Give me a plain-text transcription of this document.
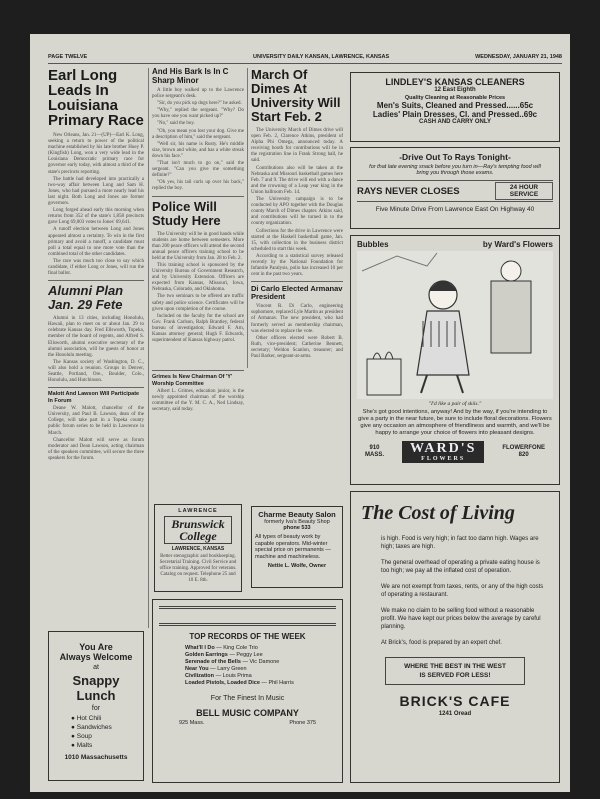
PAGE TWELVE	UNIVERSITY DAILY KANSAN, LAWRENCE, KANSAS	WEDNESDAY, JANUARY 21, 1948
Earl Long Leads In Louisiana Primary Race

New Orleans, Jan. 21—(UP)—Earl K. Long, seeking a return to power of the political machine established by his late brother Huey P. (Kingfish) Long, won a very wide lead in the Louisiana Democratic primary race for governor early today, with almost a third of the state's precincts reporting.

The battle had developed into practically a two-way affair between Long and Sam H. Jones, who had pursued a more nearly lead his last night. Both Long and Jones are former governors.

Long forged ahead early this morning when returns from 352 of the state's 1,858 precincts gave Long 69,003 votes to Jones' 69,641.

A runoff election between Long and Jones appeared almost a certainty. To win in the first primary and avoid a runoff, a candidate must poll a total equal to one more vote than the combined total of the other candidates.

The race was much too close to say which candidate, if either Long or Jones, will run the final ballot.

Alumni Plan Jan. 29 Fete

Alumni in 13 cities, including Honolulu, Hawaii, plan to meet on or about Jan. 29 to celebrate Kansas day. Fred Ellsworth, Topeka, member of the board of regents, and Alfred S. Ellsworth, alumni executive secretary of the alumni association, will be guests of honor at the Honolulu meeting.

The Kansas society of Washington, D. C., will also hold a reunion. Groups in Denver, Seattle, Portland, Ore., Boulder, Colo., Honolulu, and Hutchinson.

Malott And Lawson Will Participate In Forum

Deane W. Malott, chancellor of the University, and Paul B. Lawson, dean of the College, will take part in a Topeka county public forum series to be held in Lawrence in March.

Chancellor Malott will serve as forum moderator and Dean Lawson, acting chairman of the speakers committee, will secure the three speakers for the forum.

You Are
Always Welcome
at
Snappy Lunch
for
● Hot Chili
● Sandwiches
● Soup
● Malts
1010 Massachusetts
And His Bark Is In C Sharp Minor

A little boy walked up to the Lawrence police sergeant's desk.

"Sir, do you pick up dogs here?" he asked.

"Why," replied the sergeant. "Why? Do you have one you want picked up?"

"No," said the boy.

"Oh, you mean you lost your dog. Give me a description of him," said the sergeant.

"Well sir, his name is Rusty. He's middle size, brown and white, and has a white streak down his face."

"That isn't much to go on," said the sergeant. "Can you give me something definite?"

"Oh yes, his tail curls up over his back," replied the boy.

Police Will Study Here

The University will be in good hands while students are home between semesters. More than 200 peace officers will attend the second annual peace officers training school to be held at the University from Jan. 28 to Feb. 2.

This training school is sponsored by the University Bureau of Government Research, and by University Extension. Officers are expected from Kansas, Missouri, Iowa, Nebraska, Colorado, and Oklahoma.

The two seminars to be offered are traffic safety and police science. Certificates will be given upon completion of the course.

Included on the faculty for the school are Gov. Frank Carlson, Ralph Brantley, federal bureau of investigation; Edward F. Arn, Kansas attorney general; Hugh F. Edwards, superintendent of Kansas highway patrol.

Grimes Is New Chairman Of 'Y' Worship Committee

Albert L. Grimes, education junior, is the newly appointed chairman of the worship committee of the Y. M. C. A., Ned Lindsay, secretary, said today.

LAWRENCE
Brunswick
College
LAWRENCE, KANSAS
Better stenographic and bookkeeping. Secretarial Training. Civil Service and office training. Approved for veterans. Catalog on request. Telephone 25 and 10 E. 8th.
March Of Dimes At University Will Start Feb. 2

The University March of Dimes drive will open Feb. 2, Clarence Atkins, president of Alpha Phi Omega, announced today. A receiving booth for contributions will be in the registration line in Frank Strong hall, he said.

Contributions also will be taken at the Nebraska and Missouri basketball games here Feb. 7 and 9. The drive will end with a dance and the crowning of a Leap year king in the Union ballroom Feb. 14.

The University campaign is to be conducted by APO together with the Douglas county March of Dimes chapter. Atkins said, and contributions will be turned in to the county organization.

Collections for the drive in Lawrence were started at the Haskell basketball game, Jan. 15, with collection in the business district scheduled to start this week.

According to a statistical survey released recently by the National Foundation for Infantile Paralysis, polio has increased 10 per cent in the past two years.

Di Carlo Elected Armanav President

Vincent R. Di Carlo, engineering sophomore, replaced Lyle Martin as president of Armanav. The new president, who had formerly served as membership chairman, was elected to replace the vote.

Other officers elected were Robert B. Ruth, vice-president; Catherine Bennett, secretary; Weldon Scanlon, treasurer; and Paul Barker, sergeant-at-arms.

Charme Beauty Salon
formerly Iva's Beauty Shop
phone 533
All types of beauty work by capable operators. Mid-winter special price on permanents — machine and machineless.
Nettie L. Wolfe, Owner
TOP RECORDS OF THE WEEK
What'll I Do — King Cole Trio
Golden Earrings — Peggy Lee
Serenade of the Bells — Vic Damone
Near You — Larry Green
Civilization — Louis Prima
Loaded Pistols, Loaded Dice — Phil Harris
For The Finest In Music
BELL MUSIC COMPANY
925 Mass.	Phone 375
LINDLEY'S KANSAS CLEANERS
12 East Eighth
Quality Cleaning at Reasonable Prices
Men's Suits, Cleaned and Pressed......65c
Ladies' Plain Dresses, Cl. and Pressed..69c
CASH AND CARRY ONLY
-Drive Out To Rays Tonight-
for that late evening snack before you turn in—Ray's tempting food will bring you through those exams.
RAYS NEVER CLOSES	24 HOUR
SERVICE
Five Minute Drive From Lawrence East On Highway 40
Bubbles	by Ward's Flowers
"I'd like a pair of skiis."
She's got good intentions, anyway! And by the way, if you're intending to give a party in the near future, be sure to include floral decorations. Flowers give any occasion an atmosphere of friendliness and warmth, and we'll be happy to arrange your choice of flowers into pleasant designs.
910
MASS. WARD'S
FLOWERS
FLOWERFONE
820
The Cost of Living

is high. Food is very high; in fact too damn high. Wages are high; taxes are high.

The general overhead of operating a private eating house is too high; we pay all the inflated cost of operation.

We are not exempt from taxes, rents, or any of the high costs of operating a restaurant.

We make no claim to be selling food without a reasonable profit. We have kept our prices below the average by careful planning.

At Brick's, food is prepared by an expert chef.

WHERE THE BEST IN THE WEST
IS SERVED FOR LESS!
BRICK'S CAFE
1241 Oread
